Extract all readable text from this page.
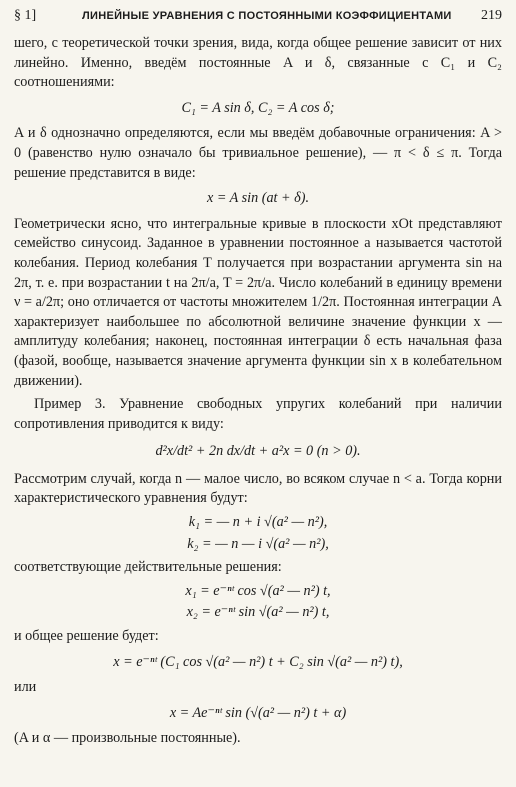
§ 1]	ЛИНЕЙНЫЕ УРАВНЕНИЯ С ПОСТОЯННЫМИ КОЭФФИЦИЕНТАМИ 219

шего, с теоретической точки зрения, вида, когда общее решение зависит от них линейно. Именно, введём постоянные A и δ, связанные с C₁ и C₂ соотношениями:

C₁ = A sin δ, C₂ = A cos δ;

A и δ однозначно определяются, если мы введём добавочные ограничения: A > 0 (равенство нулю означало бы тривиальное решение), — π < δ ≤ π. Тогда решение представится в виде:

x = A sin (at + δ).

Геометрически ясно, что интегральные кривые в плоскости xOt представляют семейство синусоид. Заданное в уравнении постоянное a называется частотой колебания. Период колебания T получается при возрастании аргумента sin на 2π, т. е. при возрастании t на 2π/a, T = 2π/a. Число колебаний в единицу времени ν = a/2π; оно отличается от частоты множителем 1/2π. Постоянная интеграции A характеризует наибольшее по абсолютной величине значение функции x — амплитуду колебания; наконец, постоянная интеграции δ есть начальная фаза (фазой, вообще, называется значение аргумента функции sin x в колебательном движении).

Пример 3. Уравнение свободных упругих колебаний при наличии сопротивления приводится к виду:

d²x/dt² + 2n dx/dt + a²x = 0 (n > 0).

Рассмотрим случай, когда n — малое число, во всяком случае n < a. Тогда корни характеристического уравнения будут:

k₁ = — n + i √(a² — n²),
k₂ = — n — i √(a² — n²),

соответствующие действительные решения:

x₁ = e⁻ⁿᵗ cos √(a² — n²) t,
x₂ = e⁻ⁿᵗ sin √(a² — n²) t,

и общее решение будет:

x = e⁻ⁿᵗ (C₁ cos √(a² — n²) t + C₂ sin √(a² — n²) t),

или

x = Ae⁻ⁿᵗ sin (√(a² — n²) t + α)

(A и α — произвольные постоянные).
